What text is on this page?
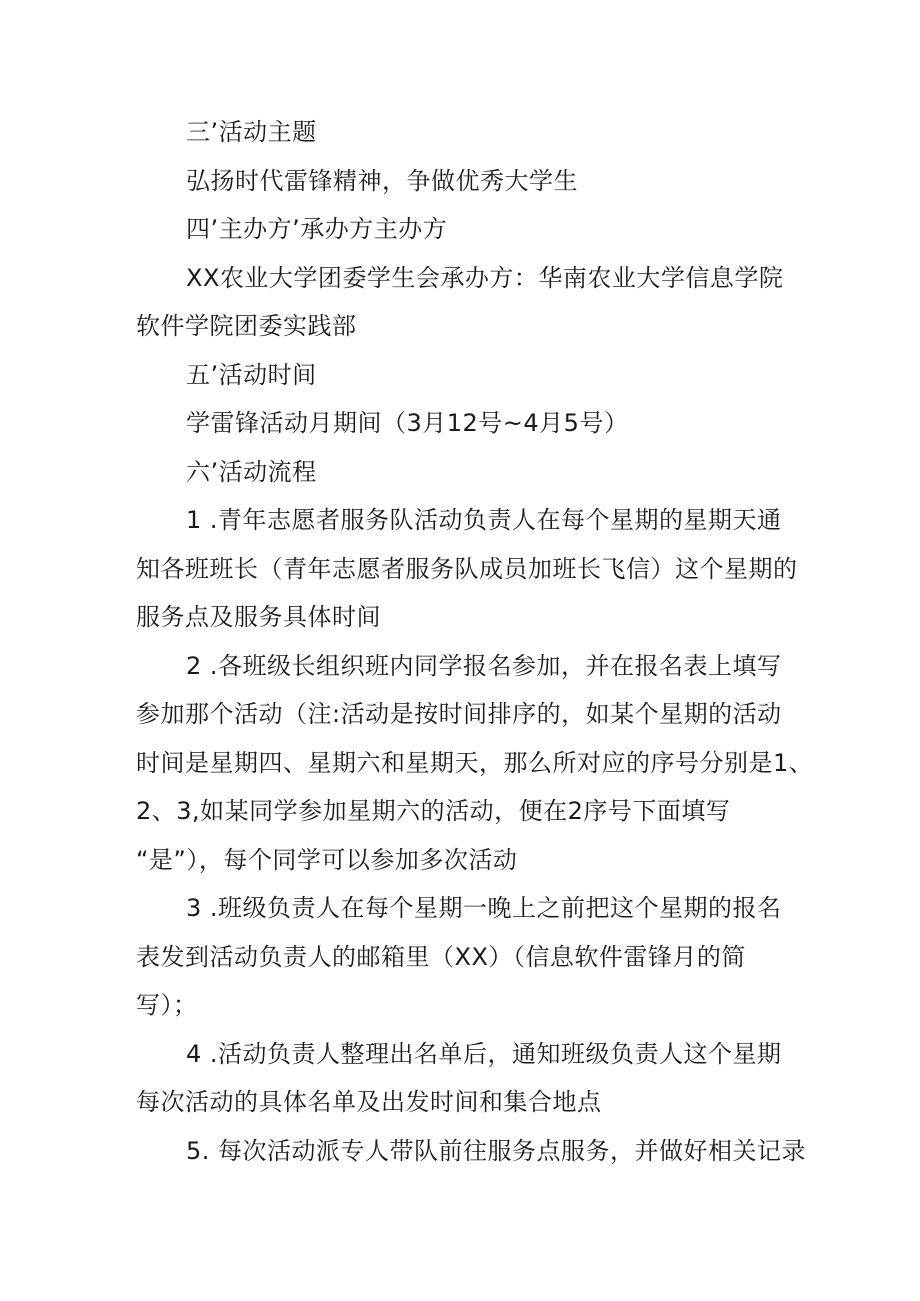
三’活动主题
弘扬时代雷锋精神，争做优秀大学生
四’主办方’承办方主办方
XX农业大学团委学生会承办方：华南农业大学信息学院
软件学院团委实践部
五’活动时间
学雷锋活动月期间（3月12号~4月5号）
六’活动流程
1 .青年志愿者服务队活动负责人在每个星期的星期天通
知各班班长（青年志愿者服务队成员加班长飞信）这个星期的
服务点及服务具体时间
2 .各班级长组织班内同学报名参加，并在报名表上填写
参加那个活动（注:活动是按时间排序的，如某个星期的活动
时间是星期四、星期六和星期天，那么所对应的序号分别是1、
2、3,如某同学参加星期六的活动，便在2序号下面填写
“是”），每个同学可以参加多次活动
3 .班级负责人在每个星期一晚上之前把这个星期的报名
表发到活动负责人的邮箱里（XX）（信息软件雷锋月的简
写）；
4 .活动负责人整理出名单后，通知班级负责人这个星期
每次活动的具体名单及出发时间和集合地点
5. 每次活动派专人带队前往服务点服务，并做好相关记录
